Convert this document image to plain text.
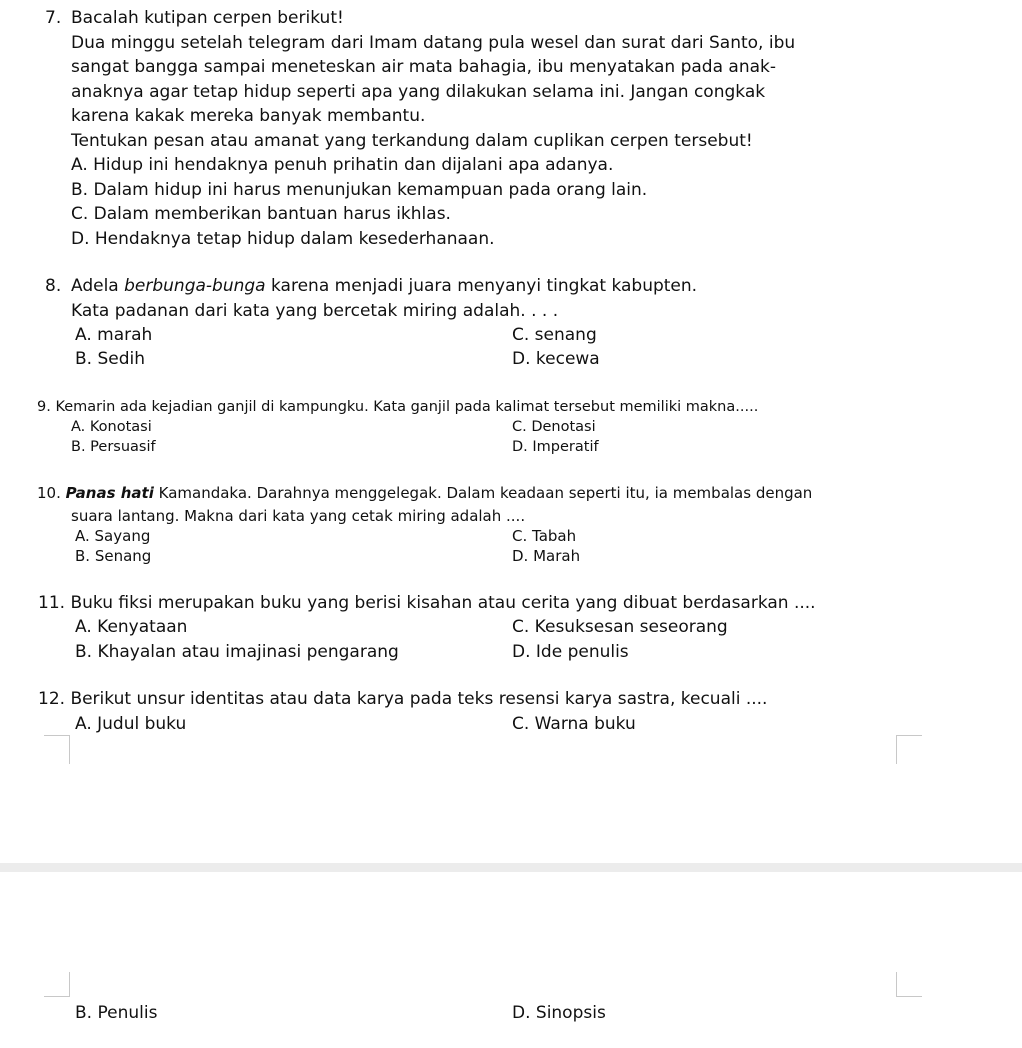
7. Bacalah kutipan cerpen berikut!
Dua minggu setelah telegram dari Imam datang pula wesel dan surat dari Santo, ibu
sangat bangga sampai meneteskan air mata bahagia, ibu menyatakan pada anak-
anaknya agar tetap hidup seperti apa yang dilakukan selama ini. Jangan congkak
karena kakak mereka banyak membantu.
Tentukan pesan atau amanat yang terkandung dalam cuplikan cerpen tersebut!
A. Hidup ini hendaknya penuh prihatin dan dijalani apa adanya.
B. Dalam hidup ini harus menunjukan kemampuan pada orang lain.
C. Dalam memberikan bantuan harus ikhlas.
D. Hendaknya tetap hidup dalam kesederhanaan.
8. Adela berbunga-bunga karena menjadi juara menyanyi tingkat kabupten.
Kata padanan dari kata yang bercetak miring adalah. . . .
A. marah	C. senang
B. Sedih	D. kecewa
9. Kemarin ada kejadian ganjil di kampungku. Kata ganjil pada kalimat tersebut memiliki makna.....
A. Konotasi	C. Denotasi
B. Persuasif	D. Imperatif
10. Panas hati Kamandaka. Darahnya menggelegak. Dalam keadaan seperti itu, ia membalas dengan
suara lantang. Makna dari kata yang cetak miring adalah ....
A. Sayang	C. Tabah
B. Senang	D. Marah
11. Buku fiksi merupakan buku yang berisi kisahan atau cerita yang dibuat berdasarkan ....
A. Kenyataan	C. Kesuksesan seseorang
B. Khayalan atau imajinasi pengarang	D. Ide penulis
12. Berikut unsur identitas atau data karya pada teks resensi karya sastra, kecuali ....
A. Judul buku	C. Warna buku
B. Penulis	D. Sinopsis
